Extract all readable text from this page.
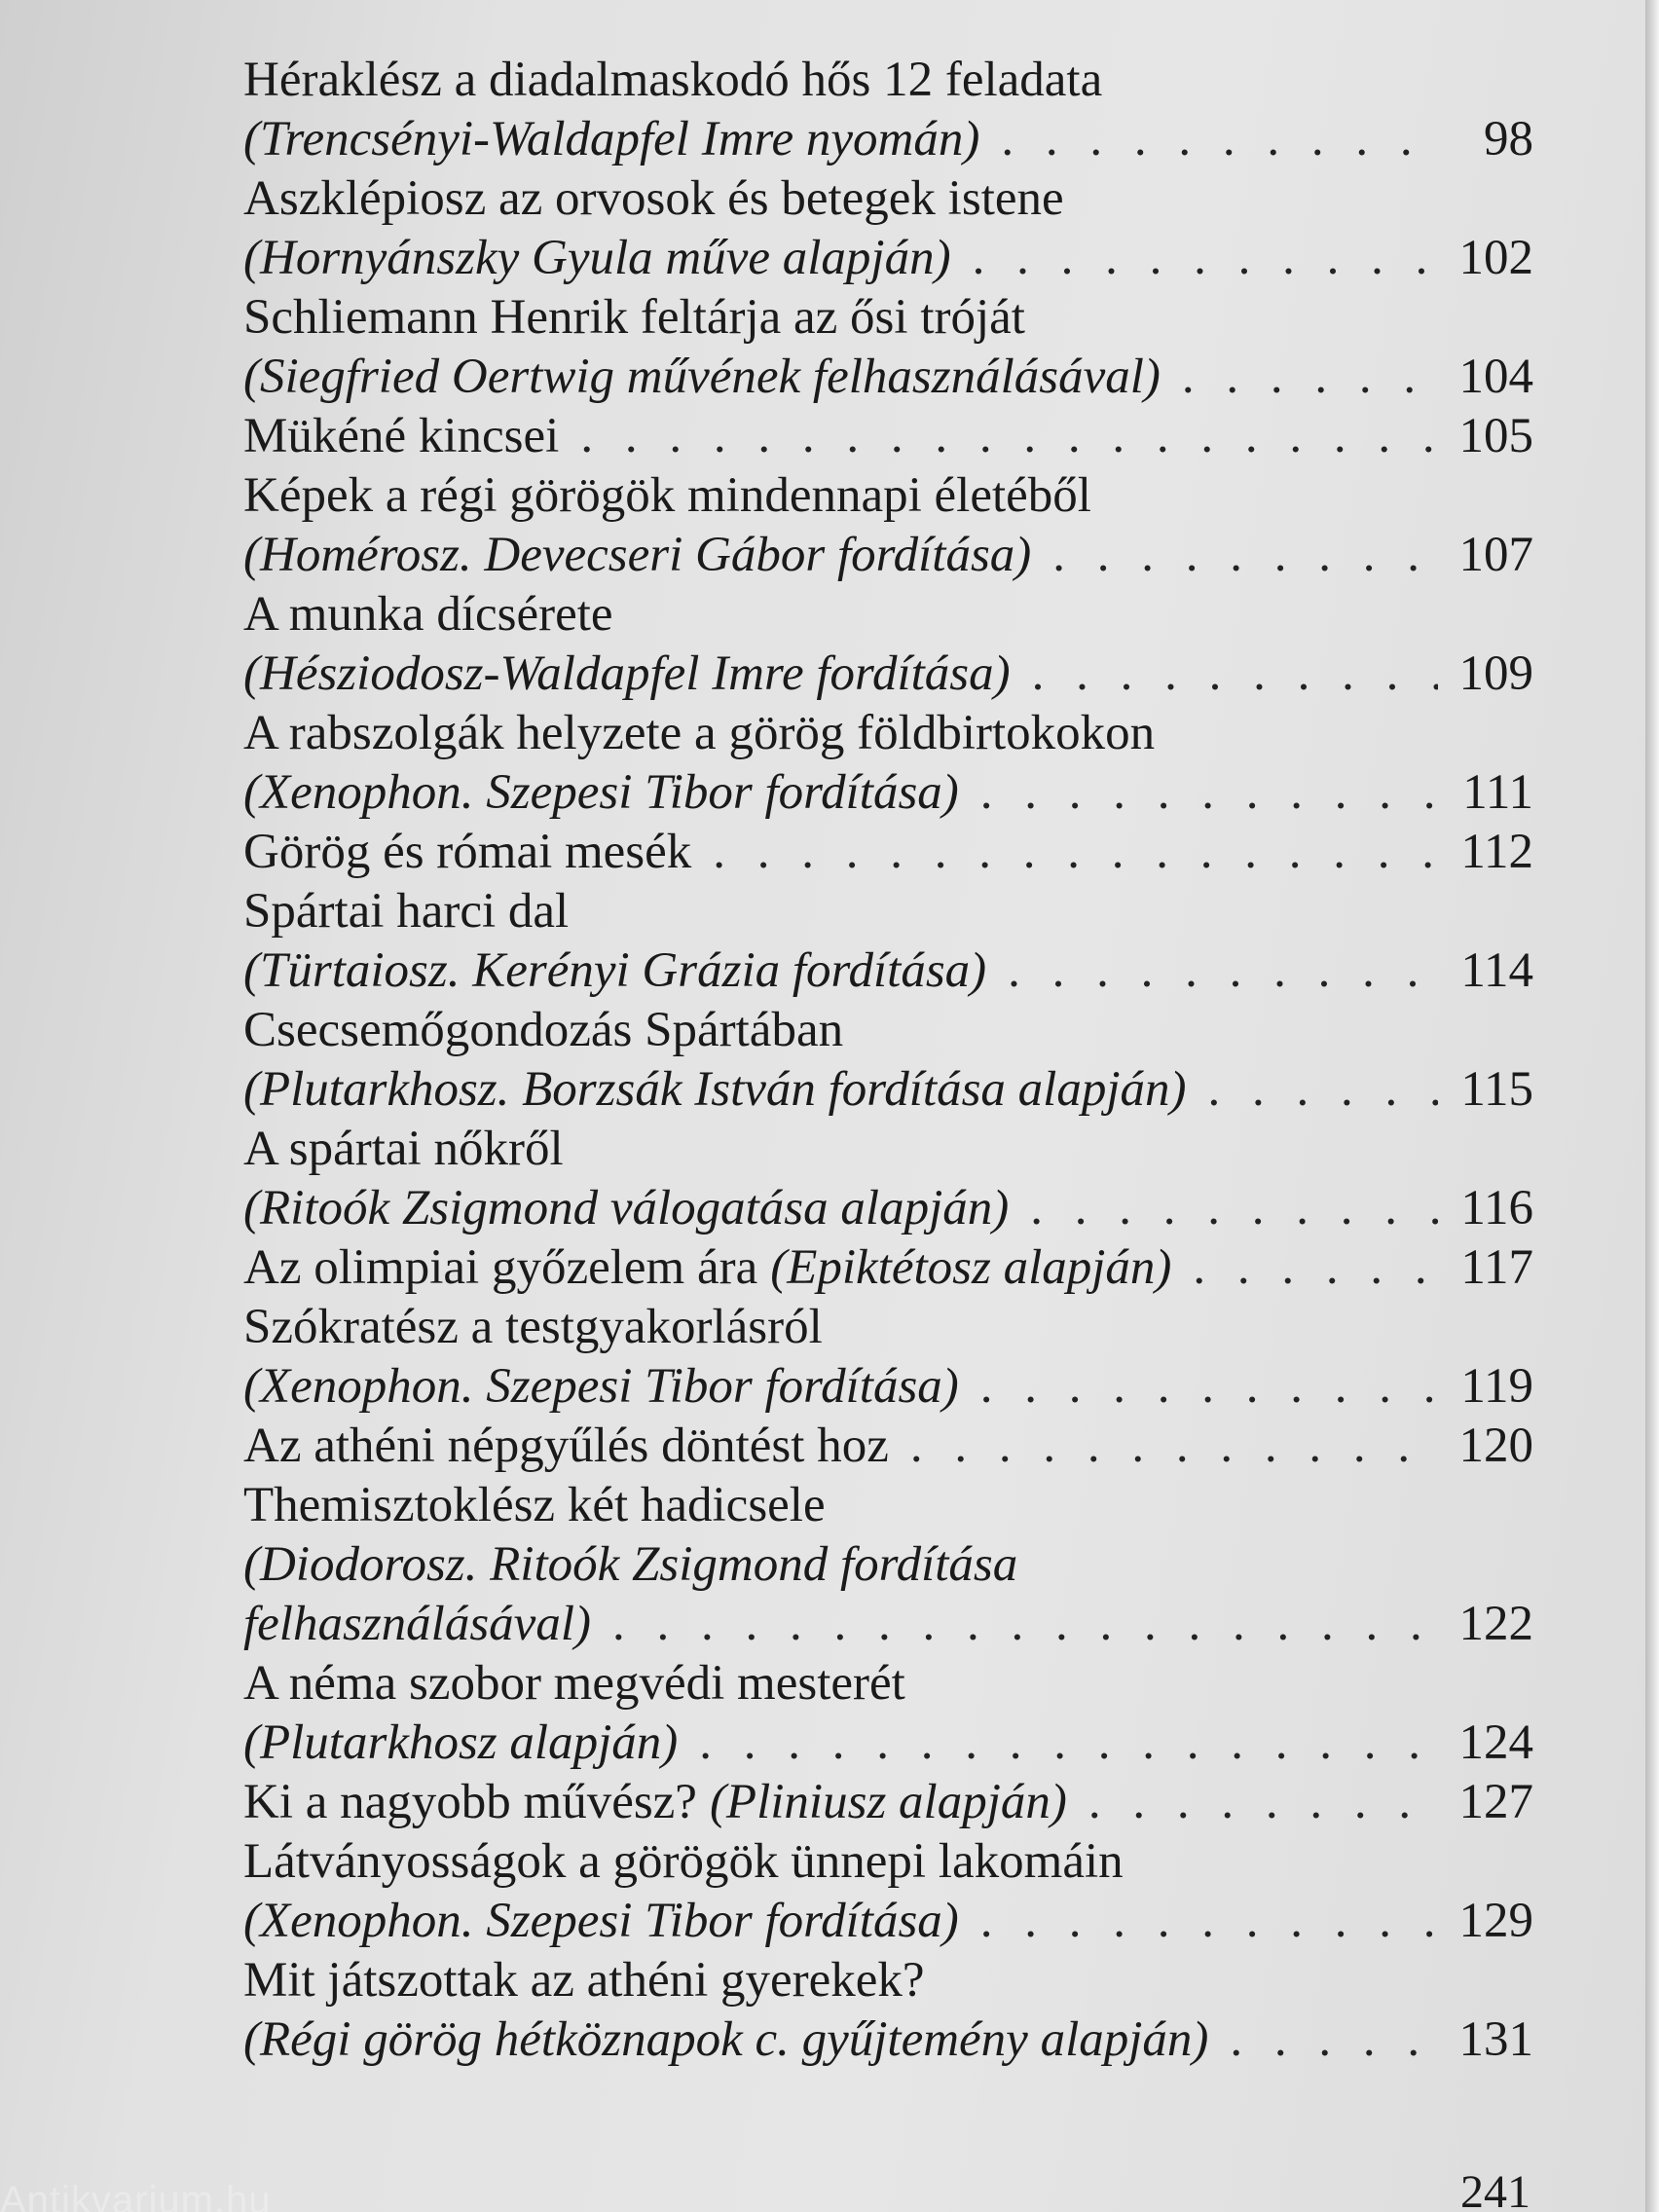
Héraklész a diadalmaskodó hős 12 feladata
(Trencsényi-Waldapfel Imre nyomán) . . .	98
Aszklépiosz az orvosok és betegek istene
(Hornyánszky Gyula műve alapján) . . .	102
Schliemann Henrik feltárja az ősi tróját
(Siegfried Oertwig művének felhasználásával) . . .	104
Mükéné kincsei . . .	105
Képek a régi görögök mindennapi életéből
(Homérosz. Devecseri Gábor fordítása) . . .	107
A munka dícsérete
(Hésziodosz-Waldapfel Imre fordítása) . . .	109
A rabszolgák helyzete a görög földbirtokokon
(Xenophon. Szepesi Tibor fordítása) . . .	111
Görög és római mesék . . .	112
Spártai harci dal
(Türtaiosz. Kerényi Grázia fordítása) . . .	114
Csecsemőgondozás Spártában
(Plutarkhosz. Borzsák István fordítása alapján) . . .	115
A spártai nőkről
(Ritoók Zsigmond válogatása alapján) . . .	116
Az olimpiai győzelem ára (Epiktétosz alapján) . . .	117
Szókratész a testgyakorlásról
(Xenophon. Szepesi Tibor fordítása) . . .	119
Az athéni népgyűlés döntést hoz . . .	120
Themisztoklész két hadicsele
(Diodorosz. Ritoók Zsigmond fordítása
felhasználásával) . . .	122
A néma szobor megvédi mesterét
(Plutarkhosz alapján) . . .	124
Ki a nagyobb művész? (Pliniusz alapján) . . .	127
Látványosságok a görögök ünnepi lakomáin
(Xenophon. Szepesi Tibor fordítása) . . .	129
Mit játszottak az athéni gyerekek?
(Régi görög hétköznapok c. gyűjtemény alapján) . . .	131
241
Antikvarium.hu
